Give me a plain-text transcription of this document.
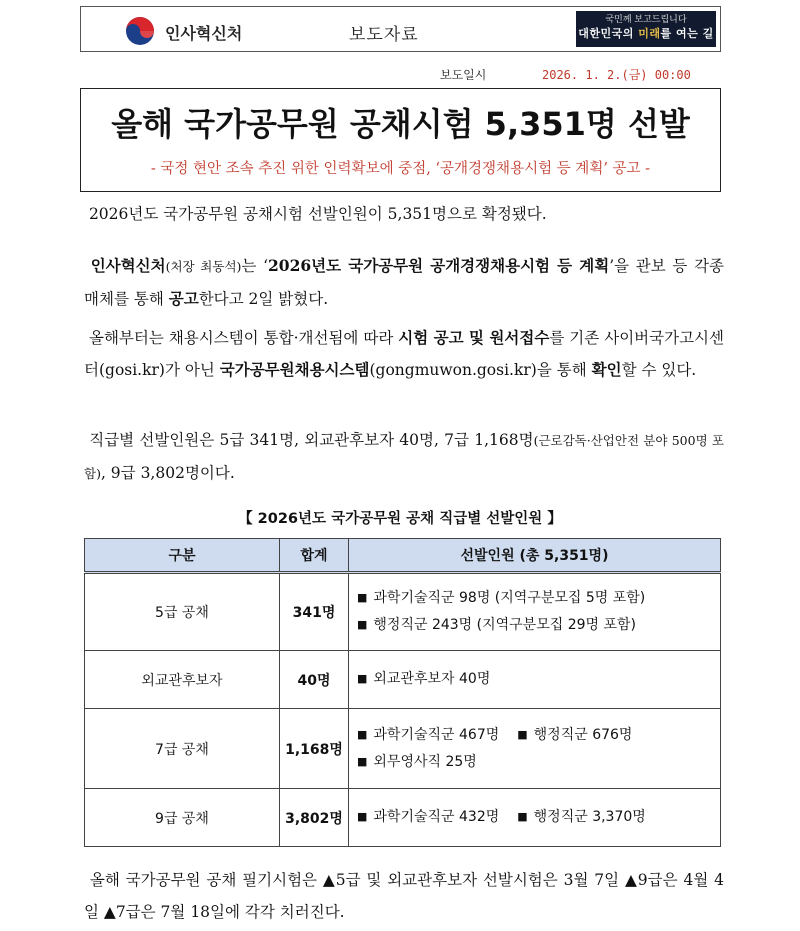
인사혁신처	보도자료
국민께 보고드립니다
대한민국의 미래를 여는 길
보도일시	2026. 1. 2.(금) 00:00
올해 국가공무원 공채시험 5,351명 선발
- 국정 현안 조속 추진 위한 인력확보에 중점, ‘공개경쟁채용시험 등 계획’ 공고 -
2026년도 국가공무원 공채시험 선발인원이 5,351명으로 확정됐다.
인사혁신처(처장 최동석)는 ‘2026년도 국가공무원 공개경쟁채용시험 등 계획’을 관보 등 각종 매체를 통해 공고한다고 2일 밝혔다.
올해부터는 채용시스템이 통합·개선됨에 따라 시험 공고 및 원서접수를 기존 사이버국가고시센터(gosi.kr)가 아닌 국가공무원채용시스템(gongmuwon.gosi.kr)을 통해 확인할 수 있다.
직급별 선발인원은 5급 341명, 외교관후보자 40명, 7급 1,168명(근로감독·산업안전 분야 500명 포함), 9급 3,802명이다.
【 2026년도 국가공무원 공채 직급별 선발인원 】
구분	합계	선발인원 (총 5,351명)
5급 공채	341명	■ 과학기술직군 98명 (지역구분모집 5명 포함)
■ 행정직군 243명 (지역구분모집 29명 포함)

외교관후보자	40명	■ 외교관후보자 40명

7급 공채	1,168명	■ 과학기술직군 467명 ■ 행정직군 676명
■ 외무영사직 25명

9급 공채	3,802명	■ 과학기술직군 432명 ■ 행정직군 3,370명
올해 국가공무원 공채 필기시험은 ▲5급 및 외교관후보자 선발시험은 3월 7일 ▲9급은 4월 4일 ▲7급은 7월 18일에 각각 치러진다.
